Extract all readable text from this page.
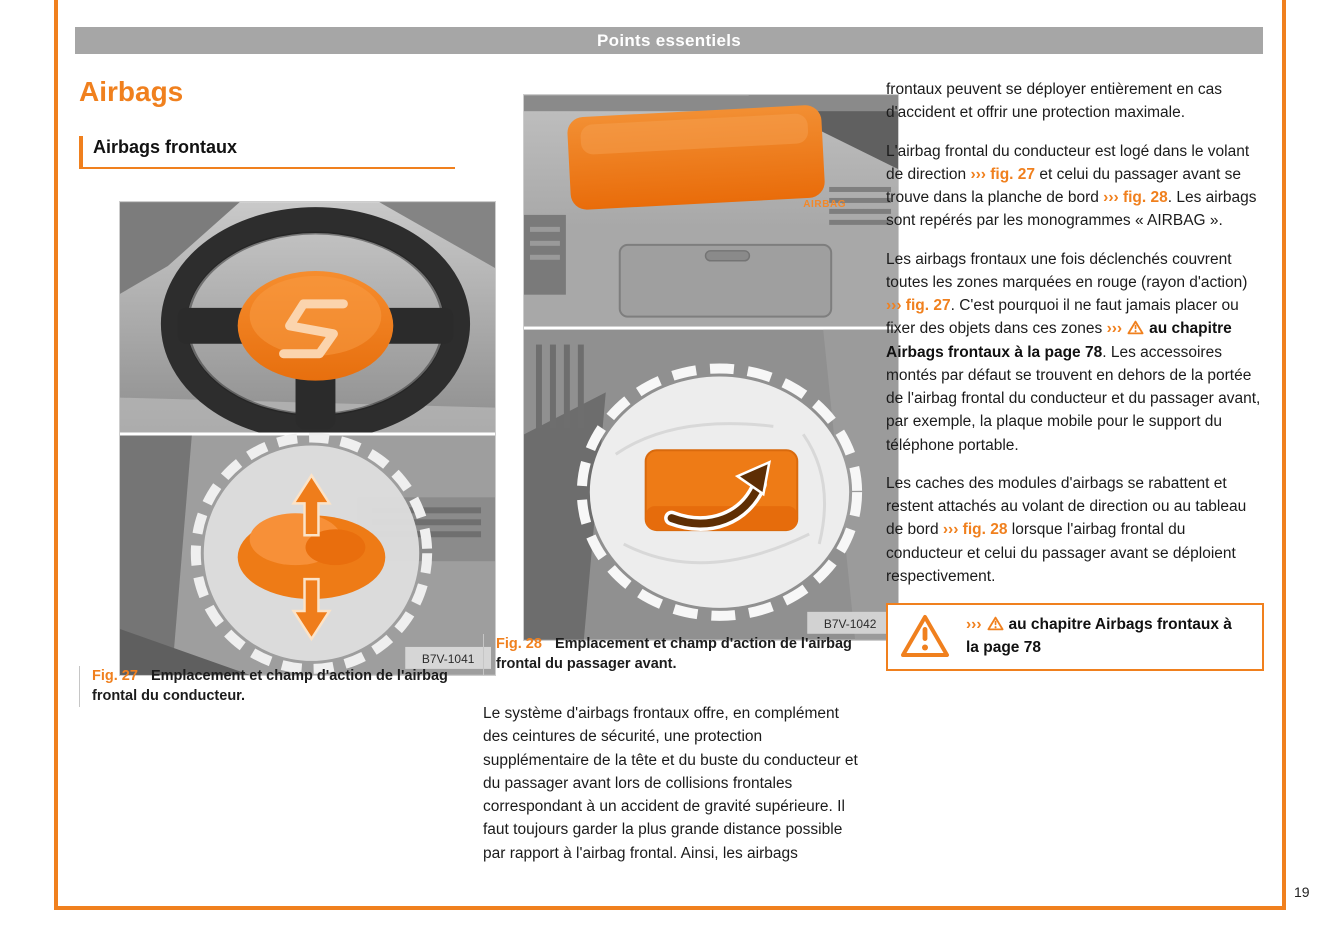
Points essentiels
Airbags
Airbags frontaux
B7V-1041
Fig. 27 Emplacement et champ d'action de l'airbag frontal du conducteur.
AIRBAG
B7V-1042
Fig. 28 Emplacement et champ d'action de l'airbag frontal du passager avant.

Le système d'airbags frontaux offre, en complément des ceintures de sécurité, une protection supplémentaire de la tête et du buste du conducteur et du passager avant lors de collisions frontales correspondant à un accident de gravité supérieure. Il faut toujours garder la plus grande distance possible par rapport à l'airbag frontal. Ainsi, les airbags

frontaux peuvent se déployer entièrement en cas d'accident et offrir une protection maximale.

L'airbag frontal du conducteur est logé dans le volant de direction ››› fig. 27 et celui du passager avant se trouve dans la planche de bord ››› fig. 28. Les airbags sont repérés par les monogrammes « AIRBAG ».

Les airbags frontaux une fois déclenchés couvrent toutes les zones marquées en rouge (rayon d'action) ››› fig. 27. C'est pourquoi il ne faut jamais placer ou fixer des objets dans ces zones ››› au chapitre Airbags frontaux à la page 78. Les accessoires montés par défaut se trouvent en dehors de la portée de l'airbag frontal du conducteur et du passager avant, par exemple, la plaque mobile pour le support du téléphone portable.

Les caches des modules d'airbags se rabattent et restent attachés au volant de direction ou au tableau de bord ››› fig. 28 lorsque l'airbag frontal du conducteur et celui du passager avant se déploient respectivement.

››› au chapitre Airbags frontaux à la page 78
19
